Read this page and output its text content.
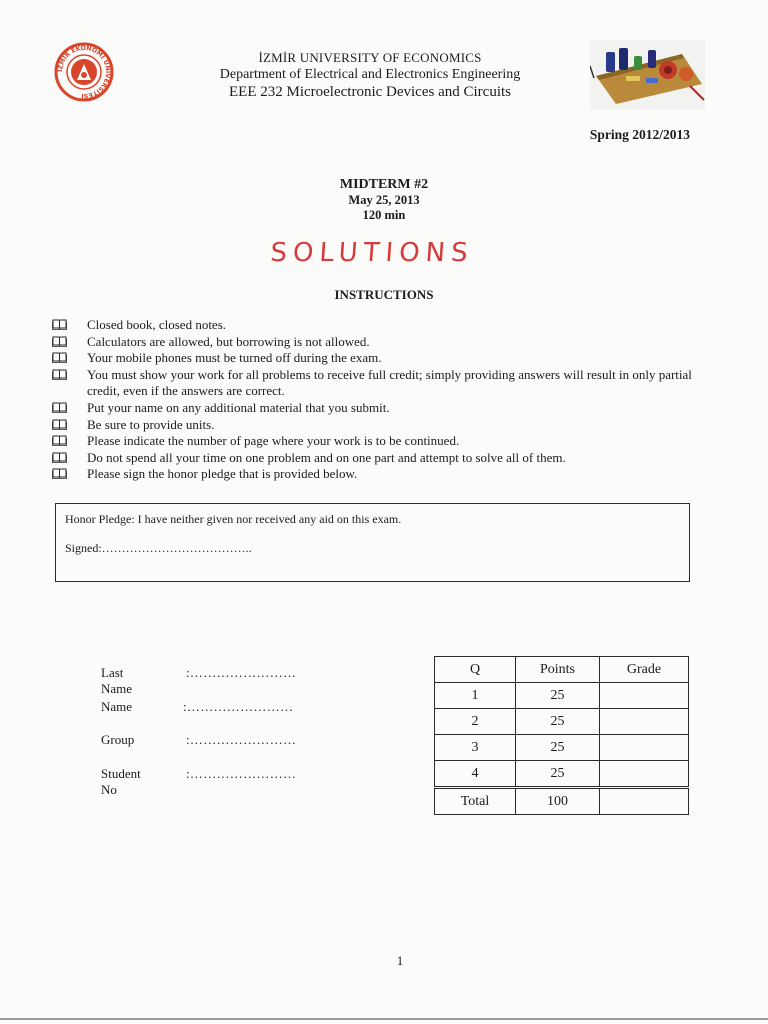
İZMİR EKONOMİ ÜNİVERSİTESİ
İZMİR UNIVERSITY OF ECONOMICS
Department of Electrical and Electronics Engineering
EEE 232 Microelectronic Devices and Circuits
Spring 2012/2013
MIDTERM #2
May 25, 2013
120 min
SOLUTIONS
INSTRUCTIONS
Closed book, closed notes.
Calculators are allowed, but borrowing is not allowed.
Your mobile phones must be turned off during the exam.
You must show your work for all problems to receive full credit; simply providing answers will result in only partial credit, even if the answers are correct.
Put your name on any additional material that you submit.
Be sure to provide units.
Please indicate the number of page where your work is to be continued.
Do not spend all your time on one problem and on one part and attempt to solve all of them.
Please sign the honor pledge that is provided below.
Honor Pledge: I have neither given nor received any aid on this exam.
Signed:………………………………..
Last Name
:……………………
Name	:……………………
Group	:……………………
Student No
:……………………
Q	Points	Grade
1	25	
2	25	
3	25	
4	25	
Total	100	
1
